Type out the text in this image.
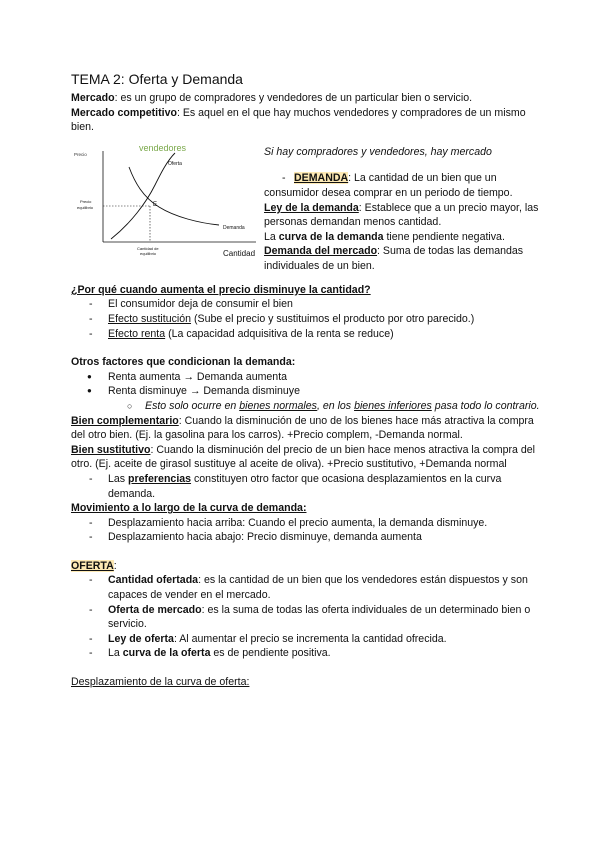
TEMA 2: Oferta y Demanda

Mercado: es un grupo de compradores y vendedores de un particular bien o servicio.

Mercado competitivo: Es aquel en el que hay muchos vendedores y compradores de un mismo bien.

vendedores
Precio
Oferta
Demanda
E
Precio
equilibrio
Cantidad de
equilibrio	Cantidad

Si hay compradores y vendedores, hay mercado

- DEMANDA: La cantidad de un bien que un consumidor desea comprar en un periodo de tiempo.

Ley de la demanda: Establece que a un precio mayor, las personas demandan menos cantidad.

La curva de la demanda tiene pendiente negativa.

Demanda del mercado: Suma de todas las demandas individuales de un bien.

¿Por qué cuando aumenta el precio disminuye la cantidad?

- El consumidor deja de consumir el bien
- Efecto sustitución (Sube el precio y sustituimos el producto por otro parecido.)
- Efecto renta (La capacidad adquisitiva de la renta se reduce)

Otros factores que condicionan la demanda:

● Renta aumenta → Demanda aumenta
● Renta disminuye → Demanda disminuye
○ Esto solo ocurre en bienes normales, en los bienes inferiores pasa todo lo contrario.

Bien complementario: Cuando la disminución de uno de los bienes hace más atractiva la compra del otro bien. (Ej. la gasolina para los carros). +Precio complem, -Demanda normal.

Bien sustitutivo: Cuando la disminución del precio de un bien hace menos atractiva la compra del otro. (Ej. aceite de girasol sustituye al aceite de oliva). +Precio sustitutivo, +Demanda normal

- Las preferencias constituyen otro factor que ocasiona desplazamientos en la curva demanda.

Movimiento a lo largo de la curva de demanda:

- Desplazamiento hacia arriba: Cuando el precio aumenta, la demanda disminuye.
- Desplazamiento hacia abajo: Precio disminuye, demanda aumenta

OFERTA:

- Cantidad ofertada: es la cantidad de un bien que los vendedores están dispuestos y son capaces de vender en el mercado.
- Oferta de mercado: es la suma de todas las oferta individuales de un determinado bien o servicio.
- Ley de oferta: Al aumentar el precio se incrementa la cantidad ofrecida.
- La curva de la oferta es de pendiente positiva.

Desplazamiento de la curva de oferta:
